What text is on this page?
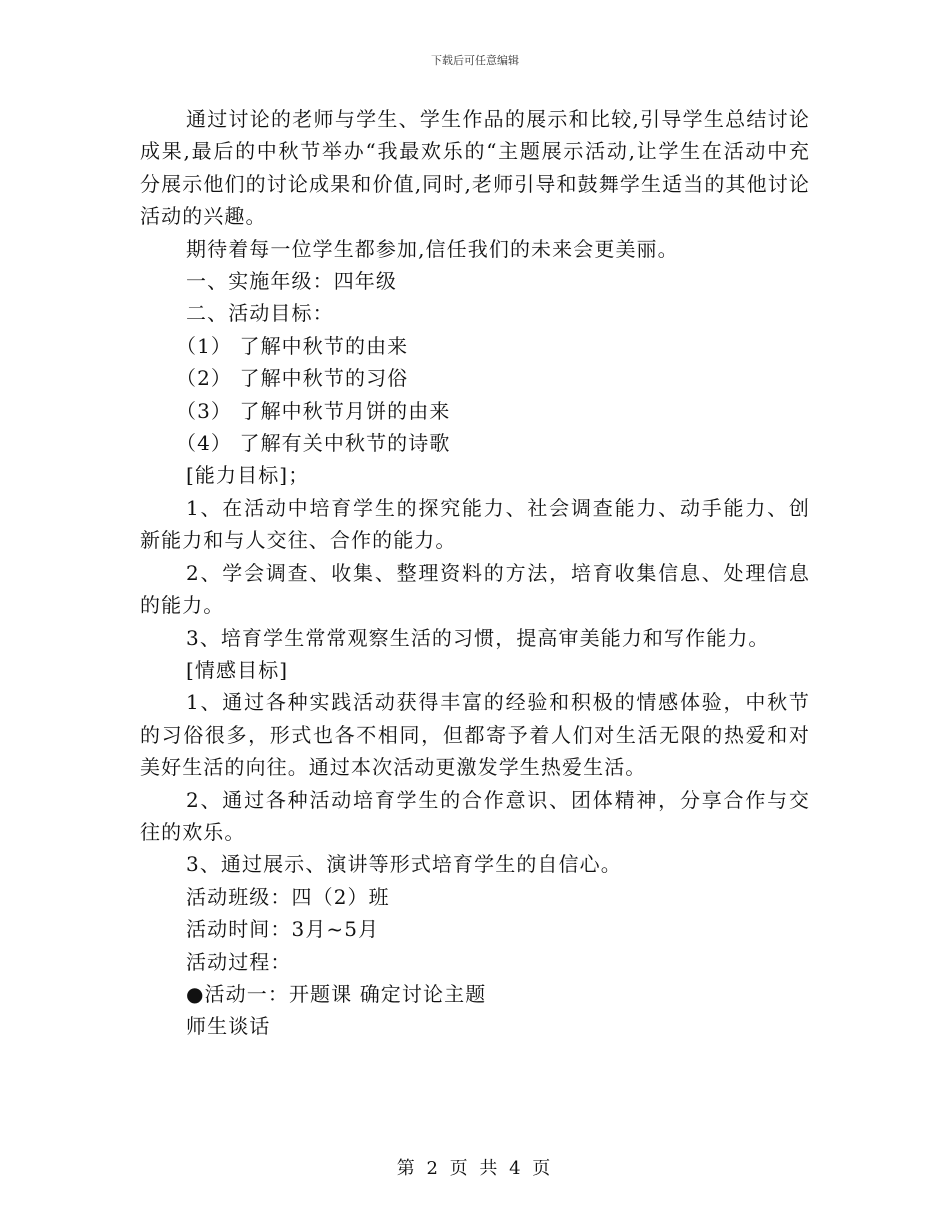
下载后可任意编辑

通过讨论的老师与学生、学生作品的展示和比较,引导学生总结讨论成果,最后的中秋节举办“我最欢乐的“主题展示活动,让学生在活动中充分展示他们的讨论成果和价值,同时,老师引导和鼓舞学生适当的其他讨论活动的兴趣。

期待着每一位学生都参加,信任我们的未来会更美丽。

一、实施年级：四年级

二、活动目标：

（1） 了解中秋节的由来

（2） 了解中秋节的习俗

（3） 了解中秋节月饼的由来

（4） 了解有关中秋节的诗歌

[能力目标]；

1、在活动中培育学生的探究能力、社会调查能力、动手能力、创新能力和与人交往、合作的能力。

2、学会调查、收集、整理资料的方法，培育收集信息、处理信息的能力。

3、培育学生常常观察生活的习惯，提高审美能力和写作能力。

[情感目标]

1、通过各种实践活动获得丰富的经验和积极的情感体验，中秋节的习俗很多，形式也各不相同，但都寄予着人们对生活无限的热爱和对美好生活的向往。通过本次活动更激发学生热爱生活。

2、通过各种活动培育学生的合作意识、团体精神，分享合作与交往的欢乐。

3、通过展示、演讲等形式培育学生的自信心。

活动班级：四（2）班

活动时间：3月~5月

活动过程：

●活动一：开题课 确定讨论主题

师生谈话

第 2 页 共 4 页
